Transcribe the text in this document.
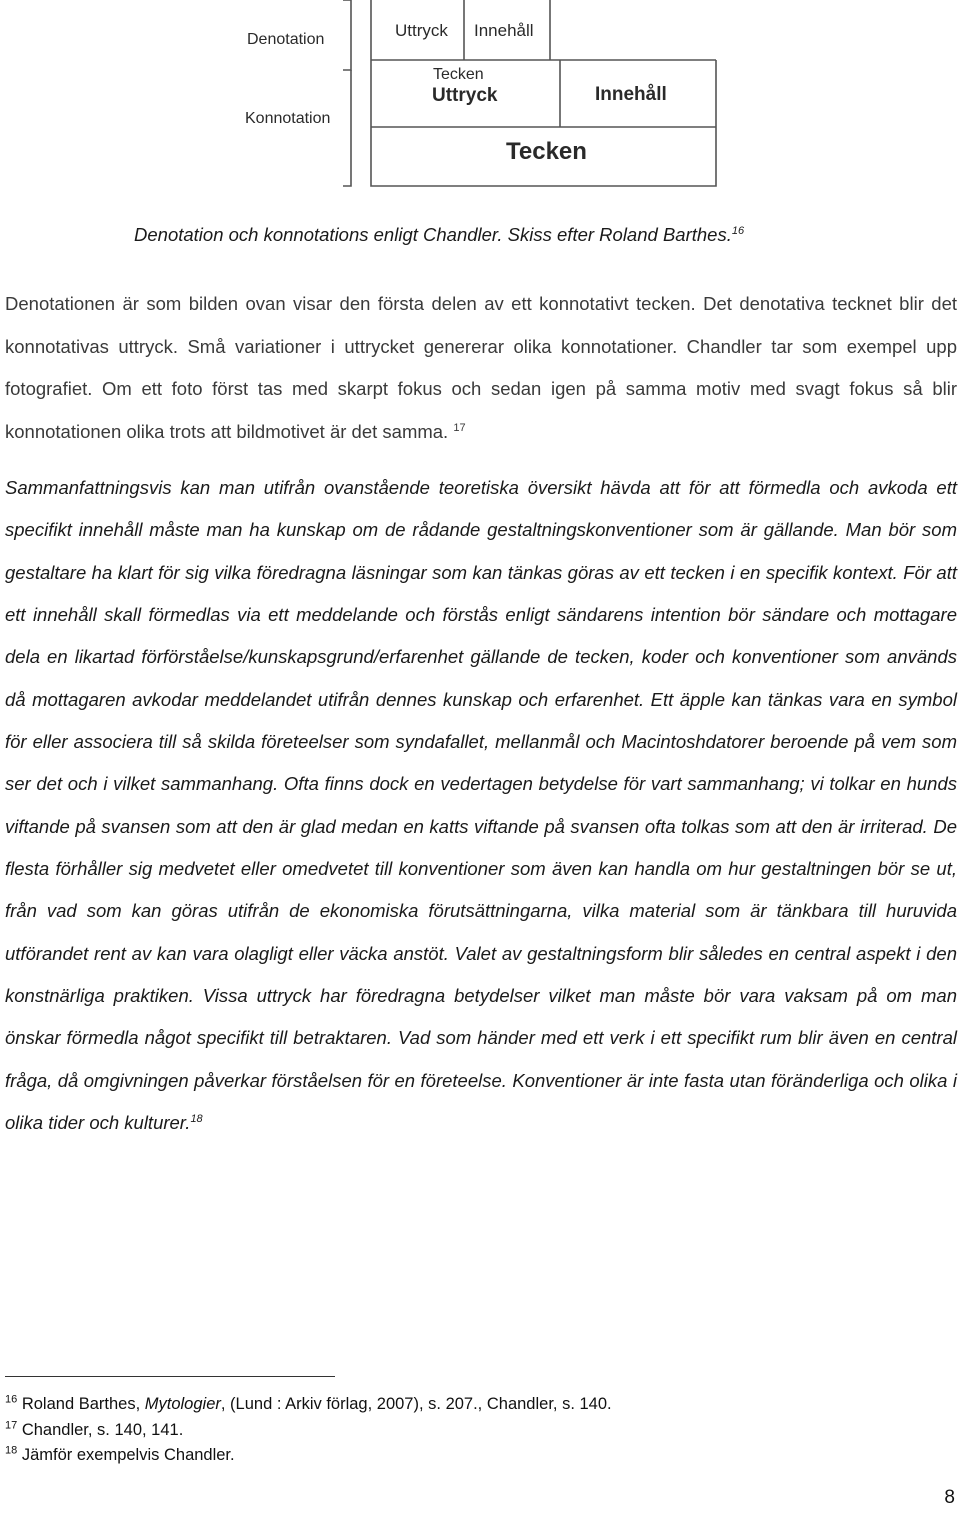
Denotation
Konnotation
Uttryck Innehåll
Tecken
Uttryck	Innehåll
Tecken
Denotation och konnotations enligt Chandler. Skiss efter Roland Barthes.$^{16}$
Denotationen är som bilden ovan visar den första delen av ett konnotativt tecken. Det denotativa tecknet blir det konnotativas uttryck. Små variationer i uttrycket genererar olika konnotationer. Chandler tar som exempel upp fotografiet. Om ett foto först tas med skarpt fokus och sedan igen på samma motiv med svagt fokus så blir konnotationen olika trots att bildmotivet är det samma. $^{17}$
Sammanfattningsvis kan man utifrån ovanstående teoretiska översikt hävda att för att förmedla och avkoda ett specifikt innehåll måste man ha kunskap om de rådande gestaltningskonventioner som är gällande. Man bör som gestaltare ha klart för sig vilka föredragna läsningar som kan tänkas göras av ett tecken i en specifik kontext. För att ett innehåll skall förmedlas via ett meddelande och förstås enligt sändarens intention bör sändare och mottagare dela en likartad förförståelse/kunskapsgrund/erfarenhet gällande de tecken, koder och konventioner som används då mottagaren avkodar meddelandet utifrån dennes kunskap och erfarenhet. Ett äpple kan tänkas vara en symbol för eller associera till så skilda företeelser som syndafallet, mellanmål och Macintoshdatorer beroende på vem som ser det och i vilket sammanhang. Ofta finns dock en vedertagen betydelse för vart sammanhang; vi tolkar en hunds viftande på svansen som att den är glad medan en katts viftande på svansen ofta tolkas som att den är irriterad. De flesta förhåller sig medvetet eller omedvetet till konventioner som även kan handla om hur gestaltningen bör se ut, från vad som kan göras utifrån de ekonomiska förutsättningarna, vilka material som är tänkbara till huruvida utförandet rent av kan vara olagligt eller väcka anstöt. Valet av gestaltningsform blir således en central aspekt i den konstnärliga praktiken. Vissa uttryck har föredragna betydelser vilket man måste bör vara vaksam på om man önskar förmedla något specifikt till betraktaren. Vad som händer med ett verk i ett specifikt rum blir även en central fråga, då omgivningen påverkar förståelsen för en företeelse. Konventioner är inte fasta utan föränderliga och olika i olika tider och kulturer.$^{18}$
$^{16}$ Roland Barthes, Mytologier, (Lund : Arkiv förlag, 2007), s. 207., Chandler, s. 140.
$^{17}$ Chandler, s. 140, 141.
$^{18}$ Jämför exempelvis Chandler.
8
